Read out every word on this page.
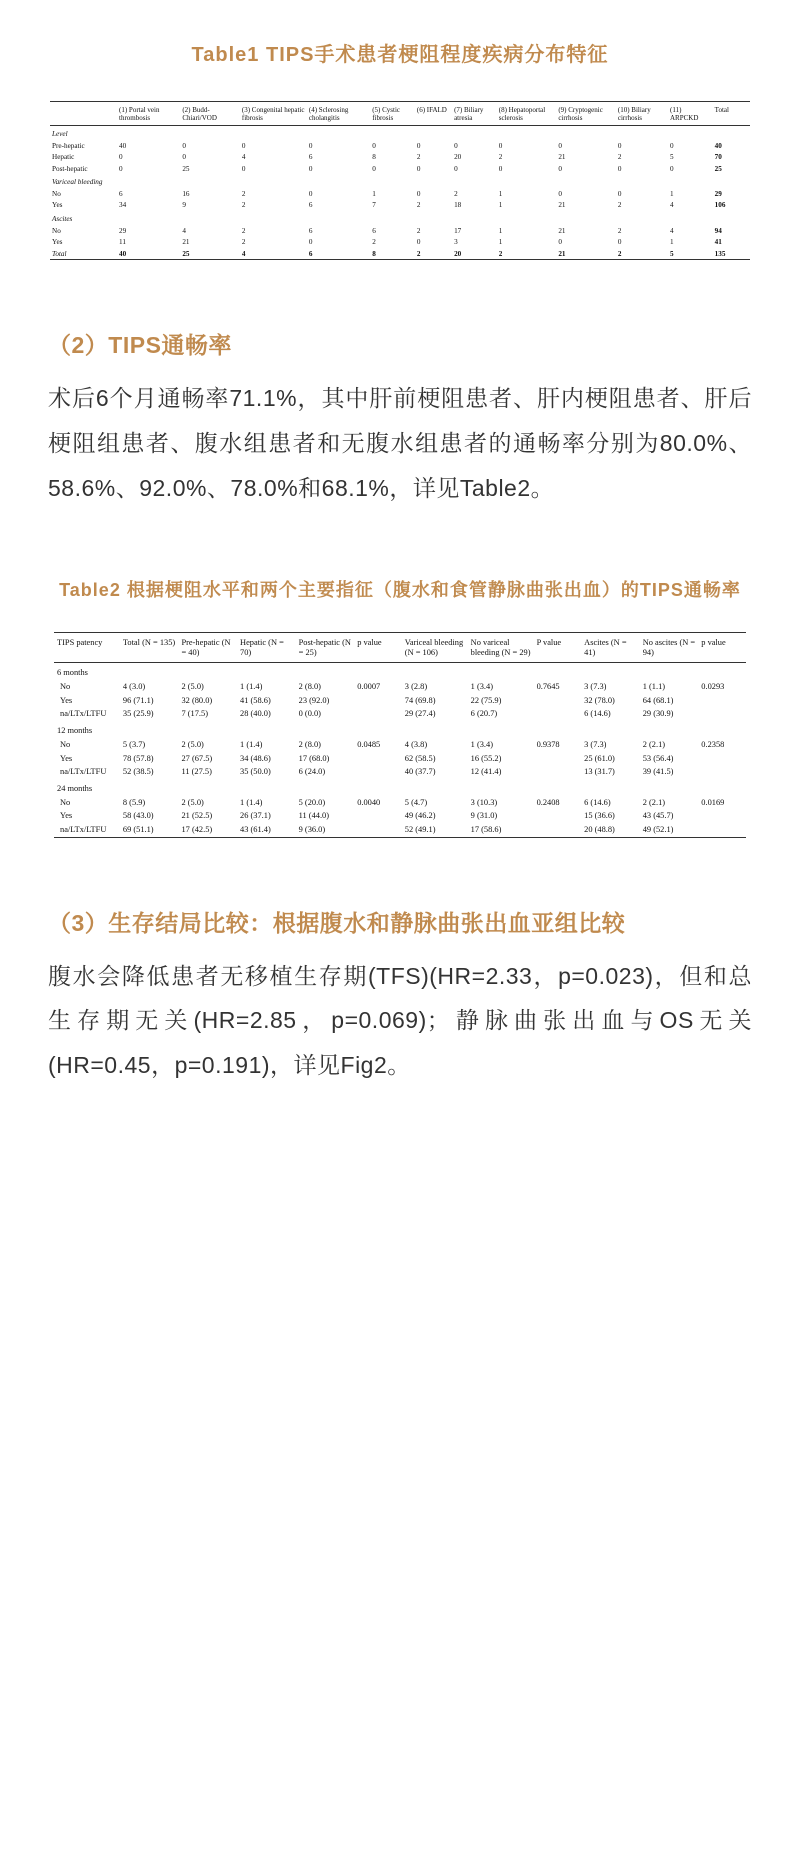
Table1 TIPS手术患者梗阻程度疾病分布特征
	(1) Portal vein thrombosis	(2) Budd-Chiari/VOD	(3) Congenital hepatic fibrosis	(4) Sclerosing cholangitis	(5) Cystic fibrosis	(6) IFALD	(7) Biliary atresia	(8) Hepatoportal sclerosis	(9) Cryptogenic cirrhosis	(10) Biliary cirrhosis	(11) ARPCKD	Total
Level												
Pre-hepatic	40	0	0	0	0	0	0	0	0	0	0	40
Hepatic	0	0	4	6	8	2	20	2	21	2	5	70
Post-hepatic	0	25	0	0	0	0	0	0	0	0	0	25
Variceal bleeding												
No	6	16	2	0	1	0	2	1	0	0	1	29
Yes	34	9	2	6	7	2	18	1	21	2	4	106
Ascites												
No	29	4	2	6	6	2	17	1	21	2	4	94
Yes	11	21	2	0	2	0	3	1	0	0	1	41
Total	40	25	4	6	8	2	20	2	21	2	5	135
（2）TIPS通畅率
术后6个月通畅率71.1%，其中肝前梗阻患者、肝内梗阻患者、肝后梗阻组患者、腹水组患者和无腹水组患者的通畅率分别为80.0%、58.6%、92.0%、78.0%和68.1%，详见Table2。
Table2 根据梗阻水平和两个主要指征（腹水和食管静脉曲张出血）的TIPS通畅率
TIPS patency	Total (N = 135)	Pre-hepatic (N = 40)	Hepatic (N = 70)	Post-hepatic (N = 25)	p value	Variceal bleeding (N = 106)	No variceal bleeding (N = 29)	P value	Ascites (N = 41)	No ascites (N = 94)	p value
6 months											
No	4 (3.0)	2 (5.0)	1 (1.4)	2 (8.0)	0.0007	3 (2.8)	1 (3.4)	0.7645	3 (7.3)	1 (1.1)	0.0293
Yes	96 (71.1)	32 (80.0)	41 (58.6)	23 (92.0)		74 (69.8)	22 (75.9)		32 (78.0)	64 (68.1)	
na/LTx/LTFU	35 (25.9)	7 (17.5)	28 (40.0)	0 (0.0)		29 (27.4)	6 (20.7)		6 (14.6)	29 (30.9)	
12 months											
No	5 (3.7)	2 (5.0)	1 (1.4)	2 (8.0)	0.0485	4 (3.8)	1 (3.4)	0.9378	3 (7.3)	2 (2.1)	0.2358
Yes	78 (57.8)	27 (67.5)	34 (48.6)	17 (68.0)		62 (58.5)	16 (55.2)		25 (61.0)	53 (56.4)	
na/LTx/LTFU	52 (38.5)	11 (27.5)	35 (50.0)	6 (24.0)		40 (37.7)	12 (41.4)		13 (31.7)	39 (41.5)	
24 months											
No	8 (5.9)	2 (5.0)	1 (1.4)	5 (20.0)	0.0040	5 (4.7)	3 (10.3)	0.2408	6 (14.6)	2 (2.1)	0.0169
Yes	58 (43.0)	21 (52.5)	26 (37.1)	11 (44.0)		49 (46.2)	9 (31.0)		15 (36.6)	43 (45.7)	
na/LTx/LTFU	69 (51.1)	17 (42.5)	43 (61.4)	9 (36.0)		52 (49.1)	17 (58.6)		20 (48.8)	49 (52.1)	
（3）生存结局比较：根据腹水和静脉曲张出血亚组比较
腹水会降低患者无移植生存期(TFS)(HR=2.33，p=0.023)，但和总生存期无关(HR=2.85，p=0.069)；静脉曲张出血与OS无关(HR=0.45，p=0.191)，详见Fig2。
